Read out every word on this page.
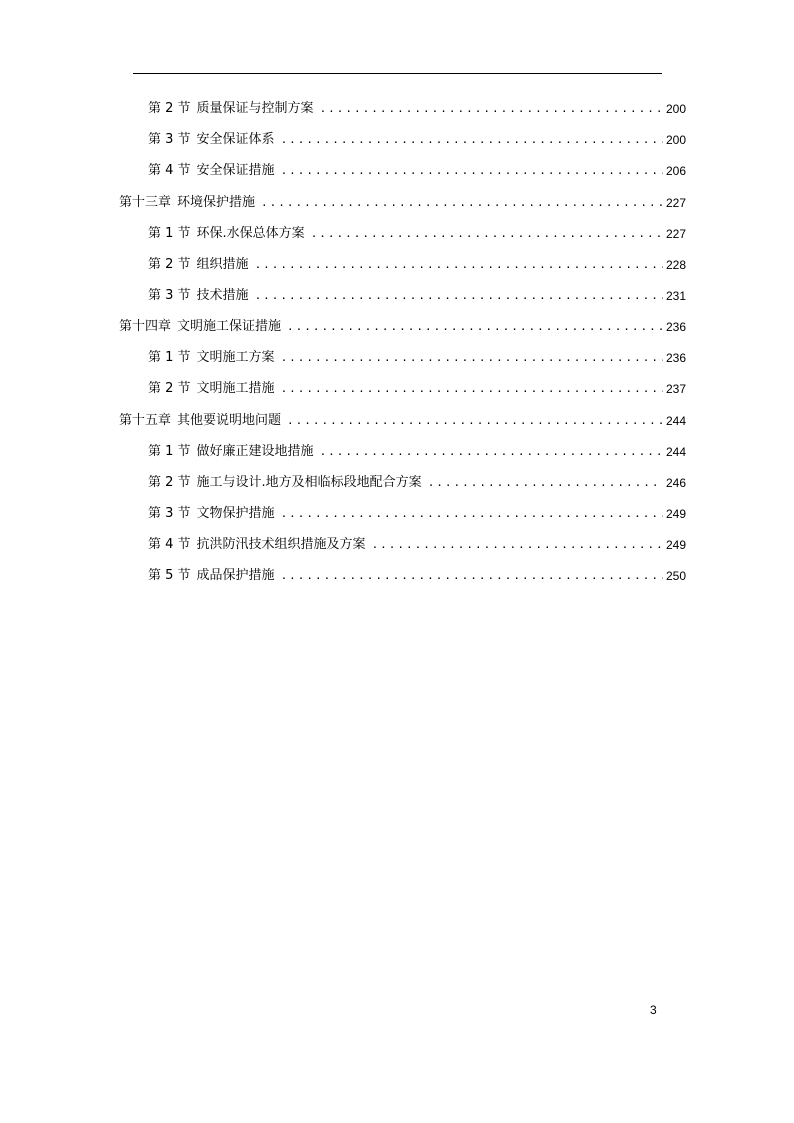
第 2 节 质量保证与控制方案 .....	200
第 3 节 安全保证体系 .....	200
第 4 节 安全保证措施 .....	206
第十三章 环境保护措施 .....	227
第 1 节 环保.水保总体方案 .....	227
第 2 节 组织措施 .....	228
第 3 节 技术措施 .....	231
第十四章 文明施工保证措施 .....	236
第 1 节 文明施工方案 .....	236
第 2 节 文明施工措施 .....	237
第十五章 其他要说明地问题 .....	244
第 1 节 做好廉正建设地措施 .....	244
第 2 节 施工与设计.地方及相临标段地配合方案 .....	246
第 3 节 文物保护措施 .....	249
第 4 节 抗洪防汛技术组织措施及方案 .....	249
第 5 节 成品保护措施 .....	250
3
